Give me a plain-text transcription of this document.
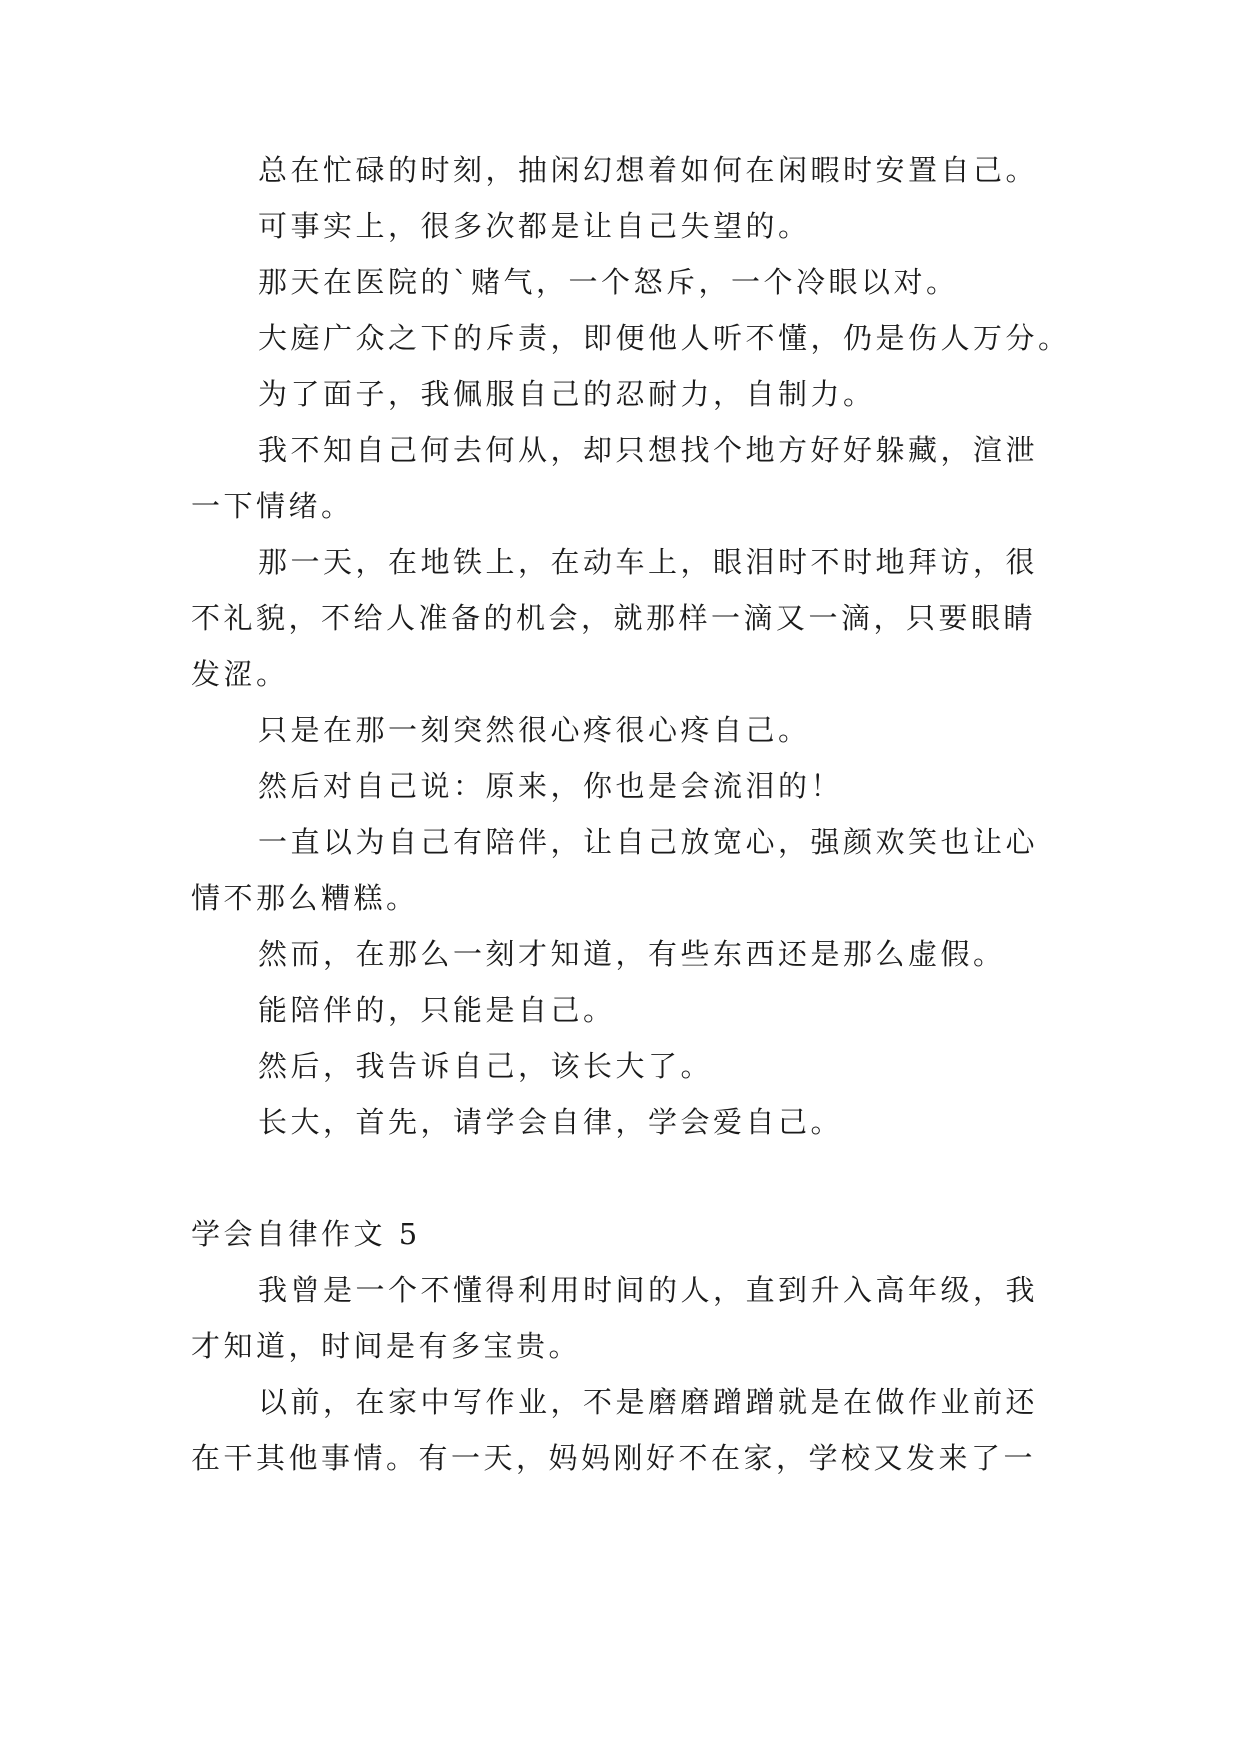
总在忙碌的时刻，抽闲幻想着如何在闲暇时安置自己。

可事实上，很多次都是让自己失望的。

那天在医院的`赌气，一个怒斥，一个冷眼以对。

大庭广众之下的斥责，即便他人听不懂，仍是伤人万分。

为了面子，我佩服自己的忍耐力，自制力。

我不知自己何去何从，却只想找个地方好好躲藏，渲泄

一下情绪。

那一天，在地铁上，在动车上，眼泪时不时地拜访，很

不礼貌，不给人准备的机会，就那样一滴又一滴，只要眼睛

发涩。

只是在那一刻突然很心疼很心疼自己。

然后对自己说：原来，你也是会流泪的！

一直以为自己有陪伴，让自己放宽心，强颜欢笑也让心

情不那么糟糕。

然而，在那么一刻才知道，有些东西还是那么虚假。

能陪伴的，只能是自己。

然后，我告诉自己，该长大了。

长大，首先，请学会自律，学会爱自己。

学会自律作文 5

我曾是一个不懂得利用时间的人，直到升入高年级，我

才知道，时间是有多宝贵。

以前，在家中写作业，不是磨磨蹭蹭就是在做作业前还

在干其他事情。有一天，妈妈刚好不在家，学校又发来了一
